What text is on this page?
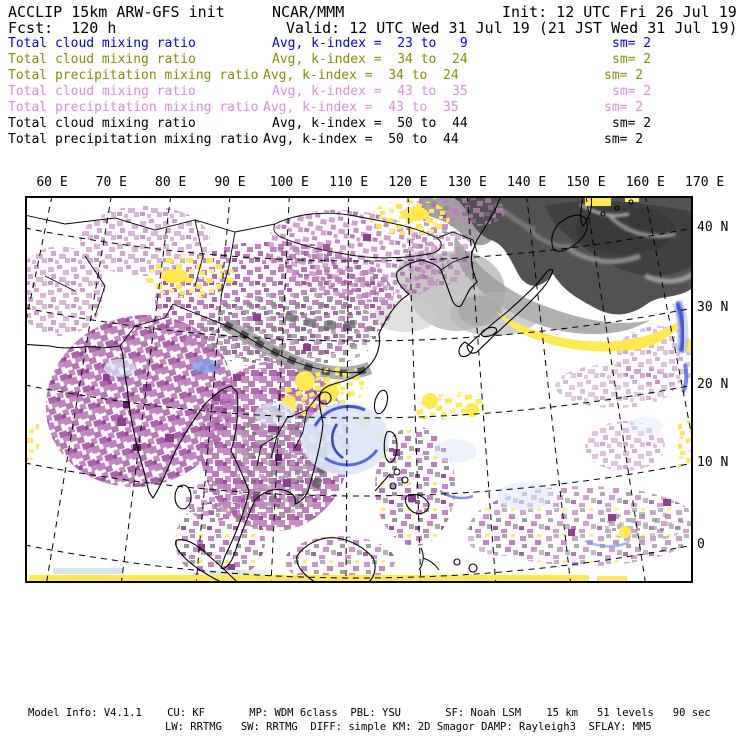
ACCLIP 15km ARW-GFS init	NCAR/MMM	Init: 12 UTC Fri 26 Jul 19
Fcst:  120 h	Valid: 12 UTC Wed 31 Jul 19 (21 JST Wed 31 Jul 19)
Total cloud mixing ratio	Avg, k-index =  23 to   9	sm= 2
Total cloud mixing ratio	Avg, k-index =  34 to  24	sm= 2
Total precipitation mixing ratio Avg, k-index =  34 to  24	sm= 2
Total cloud mixing ratio	Avg, k-index =  43 to  35	sm= 2
Total precipitation mixing ratio Avg, k-index =  43 to  35	sm= 2
Total cloud mixing ratio	Avg, k-index =  50 to  44	sm= 2
Total precipitation mixing ratio Avg, k-index =  50 to  44	sm= 2
60 E 70 E 80 E 90 E 100 E 110 E 120 E 130 E 140 E 150 E 160 E 170 E
40 N
30 N
20 N
10 N
0
Model Info: V4.1.1    CU: KF       MP: WDM 6class  PBL: YSU       SF: Noah LSM    15 km   51 levels   90 sec
LW: RRTMG   SW: RRTMG  DIFF: simple KM: 2D Smagor DAMP: Rayleigh3  SFLAY: MM5
